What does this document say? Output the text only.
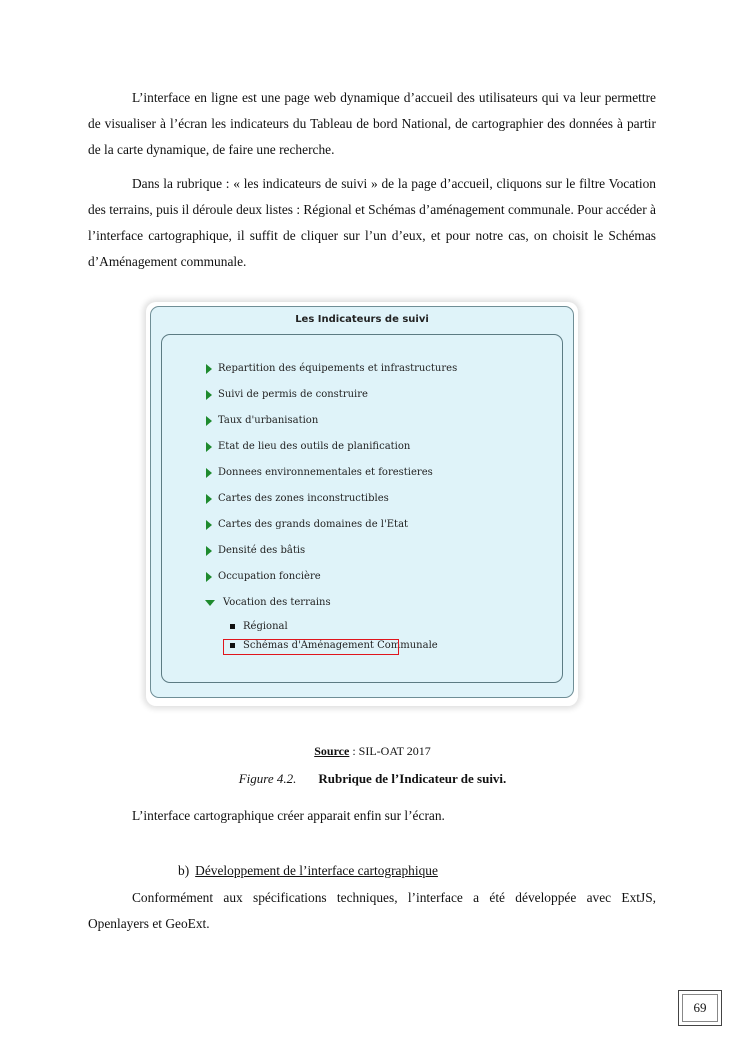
L’interface en ligne est une page web dynamique d’accueil des utilisateurs qui va leur permettre de visualiser à l’écran les indicateurs du Tableau de bord National, de cartographier des données à partir de la carte dynamique, de faire une recherche.

Dans la rubrique : « les indicateurs de suivi » de la page d’accueil, cliquons sur le filtre Vocation des terrains, puis il déroule deux listes : Régional et Schémas d’aménagement communale. Pour accéder à l’interface cartographique, il suffit de cliquer sur l’un d’eux, et pour notre cas, on choisit le Schémas d’Aménagement communale.

Les Indicateurs de suivi
Repartition des équipements et infrastructures
Suivi de permis de construire
Taux d'urbanisation
Etat de lieu des outils de planification
Donnees environnementales et forestieres
Cartes des zones inconstructibles
Cartes des grands domaines de l'Etat
Densité des bâtis
Occupation foncière
Vocation des terrains
Régional
Schémas d'Aménagement Communale
Source : SIL-OAT 2017
Figure 4.2. Rubrique de l’Indicateur de suivi.

L’interface cartographique créer apparait enfin sur l’écran.

b) Développement de l’interface cartographique

Conformément aux spécifications techniques, l’interface a été développée avec ExtJS, Openlayers et GeoExt.

69
